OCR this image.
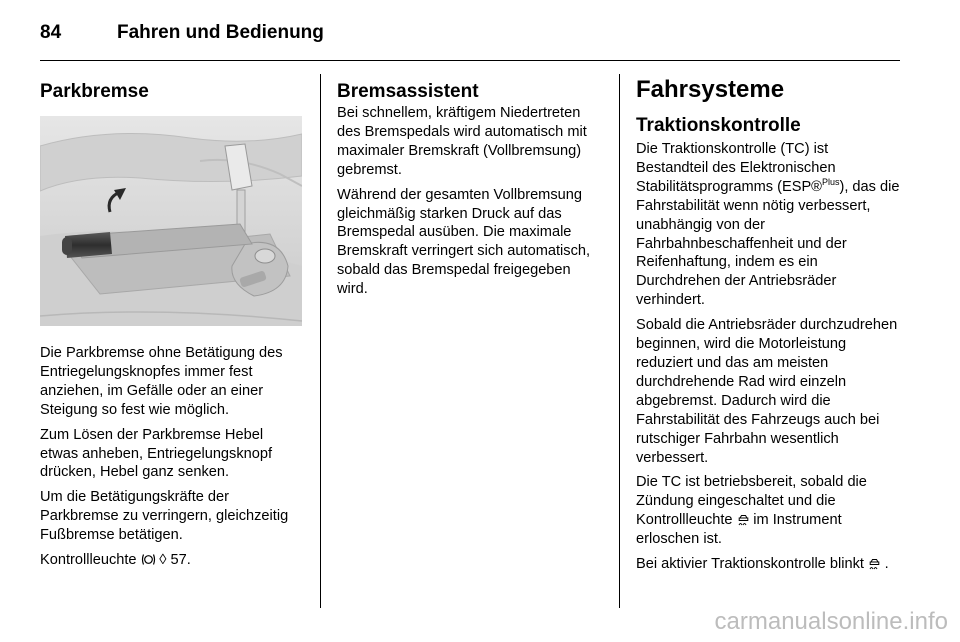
84	Fahren und Bedienung
Parkbremse

Die Parkbremse ohne Betätigung des Entriegelungsknopfes immer fest anziehen, im Gefälle oder an einer Steigung so fest wie möglich.

Zum Lösen der Parkbremse Hebel etwas anheben, Entriegelungsknopf drücken, Hebel ganz senken.

Um die Betätigungskräfte der Parkbremse zu verringern, gleichzeitig Fußbremse betätigen.

Kontrollleuchte ◊ 57.

Bremsassistent

Bei schnellem, kräftigem Niedertreten des Bremspedals wird automatisch mit maximaler Bremskraft (Vollbremsung) gebremst.

Während der gesamten Vollbremsung gleichmäßig starken Druck auf das Bremspedal ausüben. Die maximale Bremskraft verringert sich automatisch, sobald das Bremspedal freigegeben wird.

Fahrsysteme
Traktionskontrolle

Die Traktionskontrolle (TC) ist Bestandteil des Elektronischen Stabilitätsprogramms (ESP®$^{Plus}$), das die Fahrstabilität wenn nötig verbessert, unabhängig von der Fahrbahnbeschaffenheit und der Reifenhaftung, indem es ein Durchdrehen der Antriebsräder verhindert.

Sobald die Antriebsräder durchzudrehen beginnen, wird die Motorleistung reduziert und das am meisten durchdrehende Rad wird einzeln abgebremst. Dadurch wird die Fahrstabilität des Fahrzeugs auch bei rutschiger Fahrbahn wesentlich verbessert.

Die TC ist betriebsbereit, sobald die Zündung eingeschaltet und die Kontrollleuchte im Instrument erloschen ist.

Bei aktivier Traktionskontrolle blinkt .

carmanualsonline.info
